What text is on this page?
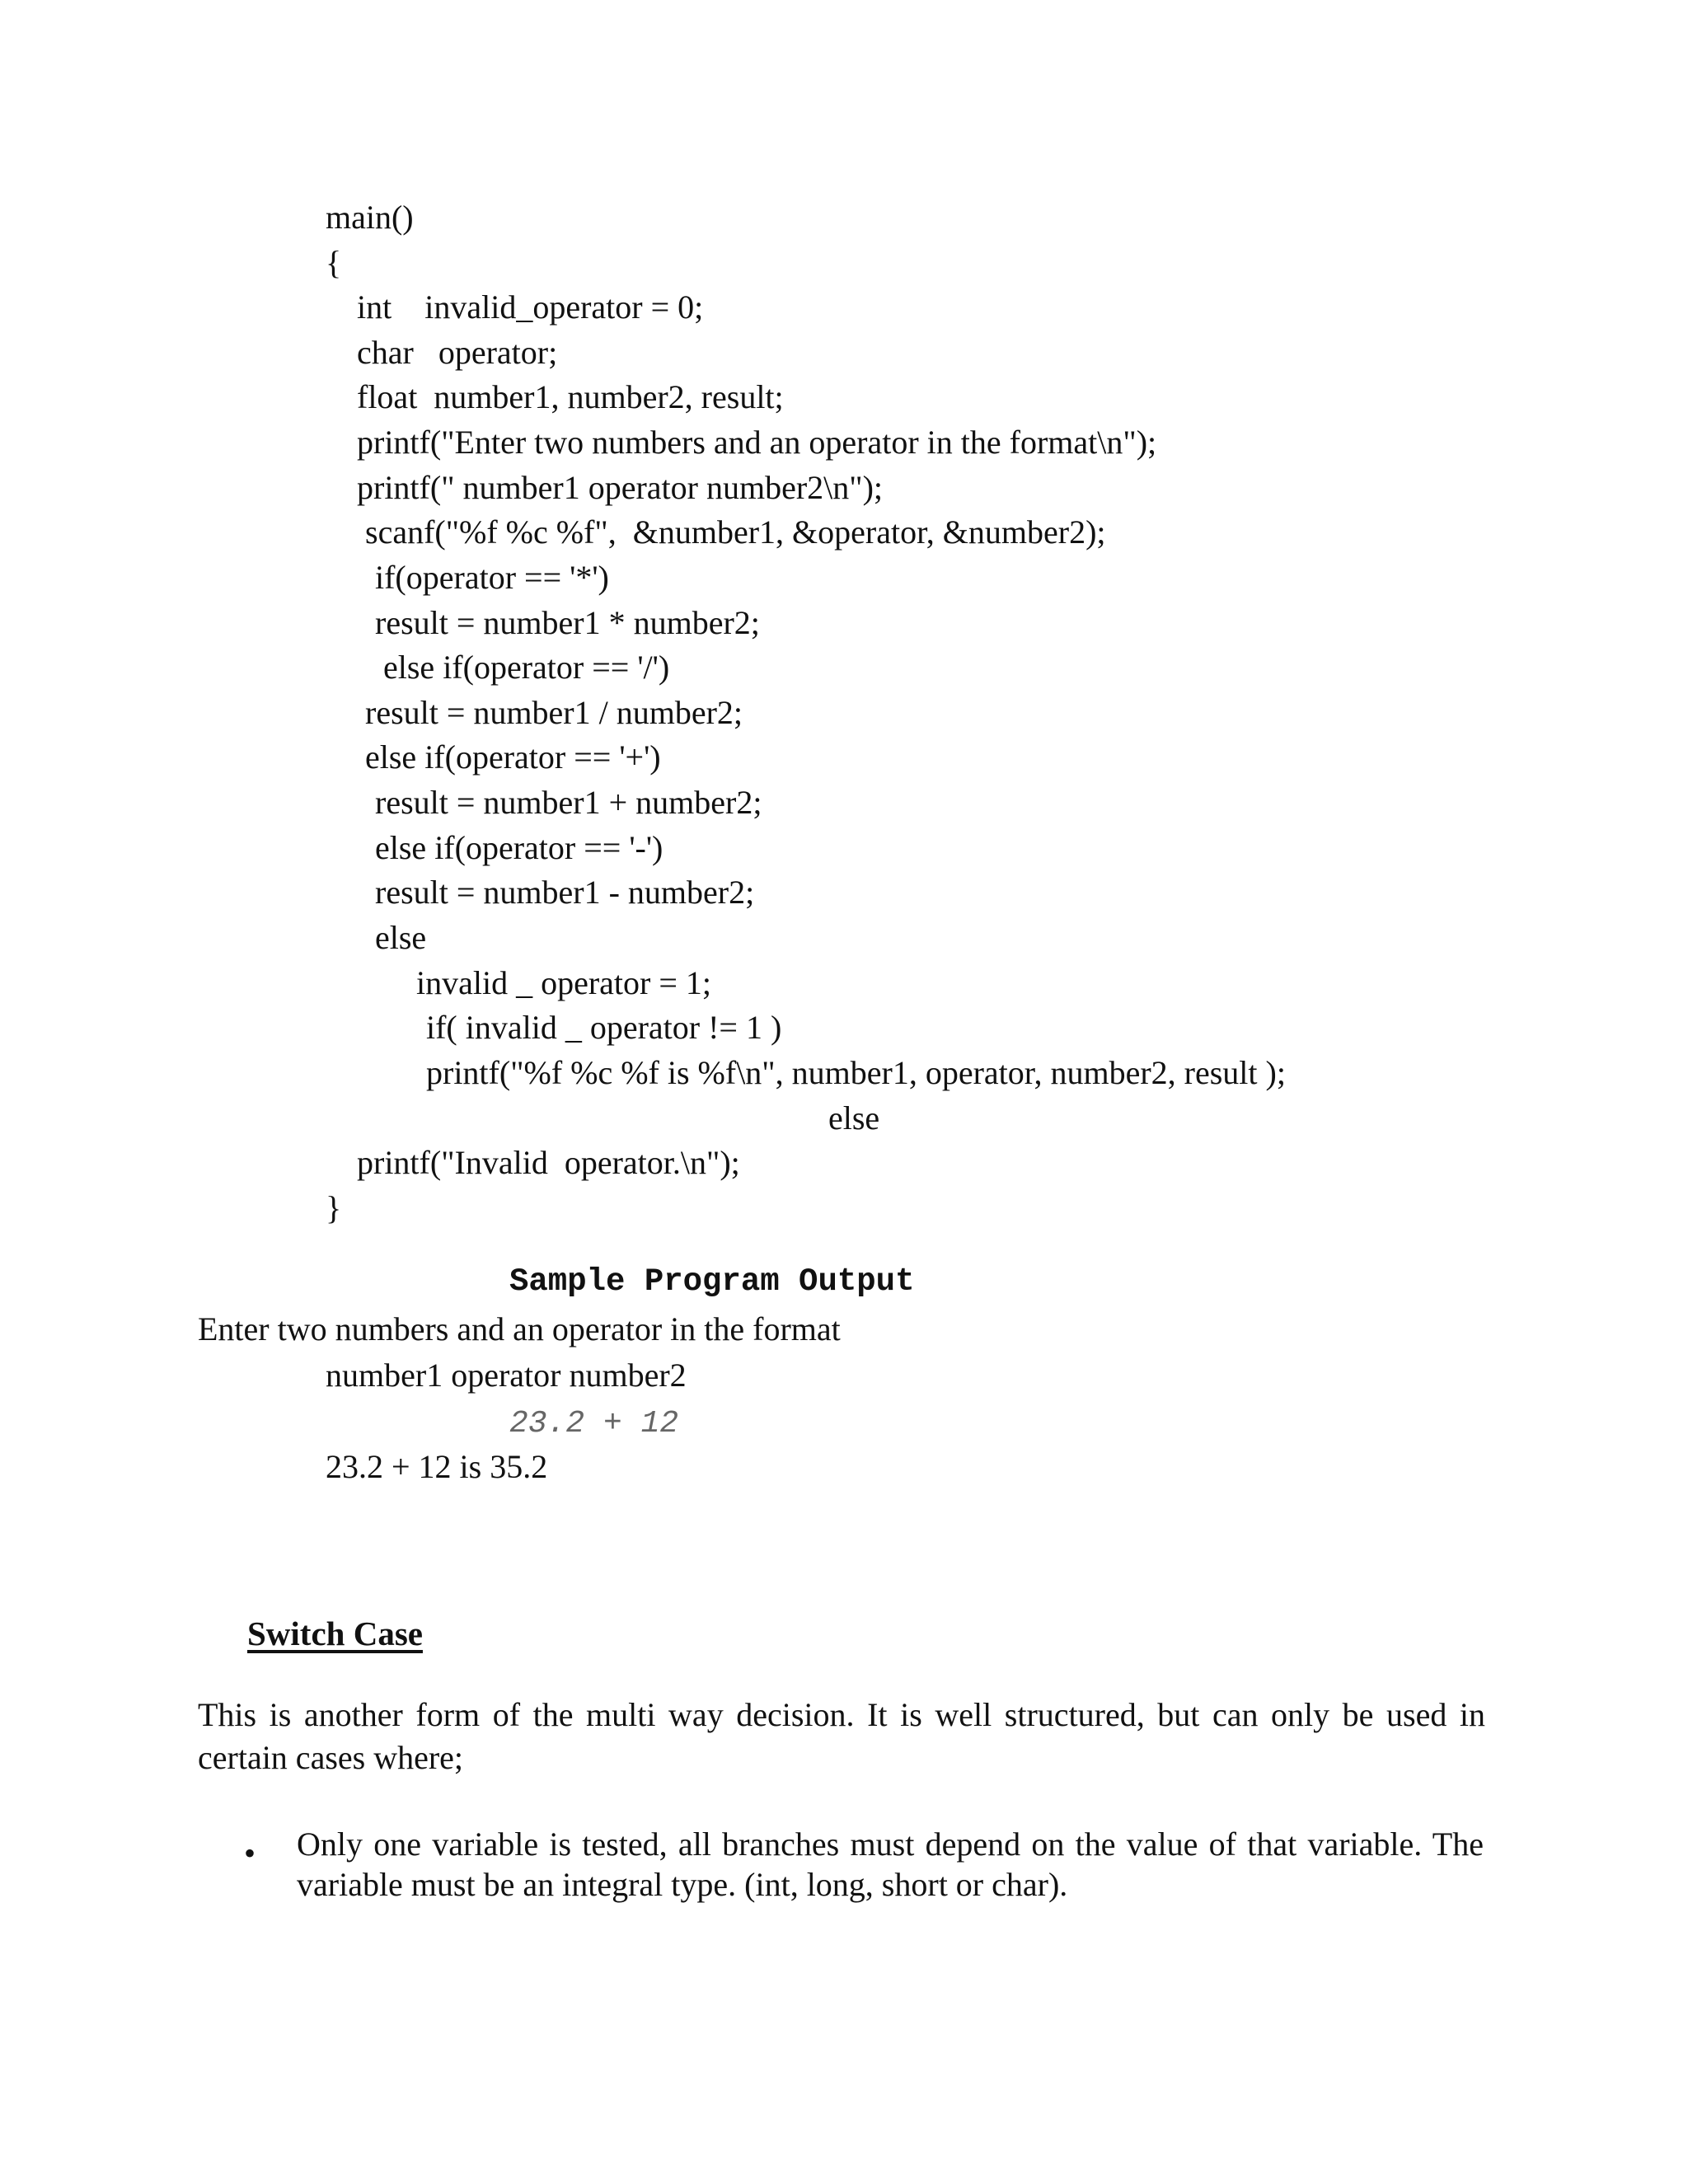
main()
{
int    invalid_operator = 0;
char   operator;
float  number1, number2, result;
printf("Enter two numbers and an operator in the format\n");
printf(" number1 operator number2\n");
scanf("%f %c %f",  &number1, &operator, &number2);
if(operator == '*')
result = number1 * number2;
else if(operator == '/')
result = number1 / number2;
else if(operator == '+')
result = number1 + number2;
else if(operator == '-')
result = number1 - number2;
else
invalid _ operator = 1;
if( invalid _ operator != 1 )
printf("%f %c %f is %f\n", number1, operator, number2, result );
else
printf("Invalid  operator.\n");
}
Sample Program Output
Enter two numbers and an operator in the format
number1 operator number2
23.2 + 12
23.2 + 12 is 35.2
Switch Case
This is another form of the multi way decision. It is well structured, but can only be used in certain cases where;
• Only one variable is tested, all branches must depend on the value of that variable. The variable must be an integral type. (int, long, short or char).
